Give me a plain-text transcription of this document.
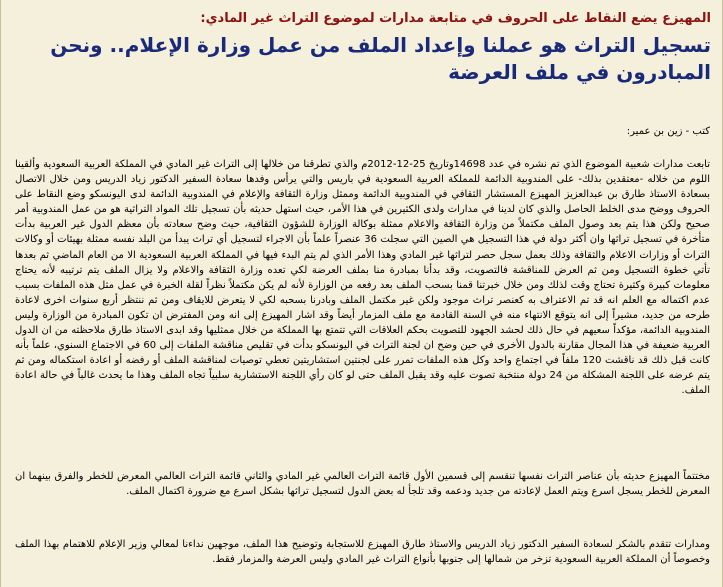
المهيزع يضع النقاط على الحروف في متابعة مدارات لموضوع التراث غير المادي:
تسجيل التراث هو عملنا وإعداد الملف من عمل وزارة الإعلام.. ونحن المبادرون في ملف العرضة
كتب - زين بن عمير:
تابعت مدارات شعبية الموضوع الذي تم نشره في عدد 14698وتاريخ 25-12-2012م والذي تطرقنا من خلالها إلى التراث غير المادي في المملكة العربية السعودية وألقينا اللوم من خلاله -معتقدين بذلك- على المندوبية الدائمة للمملكة العربية السعودية في باريس والتي يرأس وفدها سعادة السفير الدكتور زياد الدريس ومن خلال الاتصال بسعادة الاستاذ طارق بن عبدالعزيز المهيزع المستشار الثقافي في المندوبية الدائمة وممثل وزارة الثقافة والإعلام في المندوبية الدائمة لدى اليونسكو وضع النقاط على الحروف ووضح مدى الخلط الحاصل والذي كان لدينا في مدارات ولدى الكثيرين في هذا الأمر، حيث استهل حديثه بأن تسجيل تلك المواد التراثية هو من عمل المندوبية أمر صحيح ولكن هذا يتم بعد وصول الملف مكتملاً من وزارة الثقافة والاعلام ممثلة بوكالة الوزارة للشؤون الثقافية، حيث وضح سعادته بأن معظم الدول غير العربية بدأت متأخرة في تسجيل تراثها وان أكثر دولة في هذا التسجيل هي الصين التي سجلت 36 عنصراً علماً بأن الاجراء لتسجيل أي تراث يبدأ من البلد نفسه ممثلة بهيئات أو وكالات التراث أو وزارات الاعلام والثقافة وذلك بعمل سجل حصر لتراثها غير المادي وهذا الأمر الذي لم يتم البدء فيها في المملكة العربية السعودية الا من العام الماضي ثم بعدها تأتي خطوة التسجيل ومن ثم العرض للمناقشة فالتصويت، وقد بدأنا بمبادرة منا بملف العرضة لكي تعده وزارة الثقافة والاعلام ولا يزال الملف يتم ترتيبه لأنه يحتاج معلومات كبيرة وكثيرة تحتاج وقت لذلك ومن خلال خبرتنا قمنا بسحب الملف بعد رفعه من الوزارة لأنه لم يكن مكتملاً نظراً لقلة الخبرة في عمل مثل هذه الملفات بسبب عدم اكتماله مع العلم انه قد تم الاعتراف به كعنصر تراث موجود ولكن غير مكتمل الملف وبادرنا بسحبه لكي لا يتعرض للايقاف ومن ثم ننتظر أربع سنوات اخرى لاعادة طرحه من جديد، مشيراً إلى انه يتوقع الانتهاء منه في السنة القادمة مع ملف المزمار أيضاً وقد اشار المهيزع إلى انه ومن المفترض ان تكون المبادرة من الوزارة وليس المندوبية الدائمة، مؤكداً سعيهم في حال ذلك لحشد الجهود للتصويت بحكم العلاقات التي تتمتع بها المملكة من خلال ممثليها وقد ابدى الاستاذ طارق ملاحظته من ان الدول العربية ضعيفة في هذا المجال مقارنة بالدول الأخرى في حين وضح ان لجنة التراث في اليونسكو بدأت في تقليص مناقشة الملفات إلى 60 في الاجتماع السنوي، علماً بأنه كانت قبل ذلك قد ناقشت 120 ملفاً في اجتماع واحد وكل هذه الملفات تمرر على لجنتين استشاريتين تعطي توصيات لمناقشة الملف أو رفضه أو اعادة استكماله ومن ثم يتم عرضه على اللجنة المشكلة من 24 دولة منتخبة تصوت عليه وقد يقبل الملف حتى لو كان رأي اللجنة الاستشارية سلبياً تجاه الملف وهذا ما يحدث غالباً في حالة اعادة الملف.
مختتماً المهيزع حديثه بأن عناصر التراث نفسها تنقسم إلى قسمين الأول قائمة التراث العالمي غير المادي والثاني قائمة التراث العالمي المعرض للخطر والفرق بينهما ان المعرض للخطر يسجل اسرع ويتم العمل لإعادته من جديد ودعمه وقد تلجأ له بعض الدول لتسجيل تراثها بشكل اسرع مع ضرورة اكتمال الملف.
ومدارات تتقدم بالشكر لسعادة السفير الدكتور زياد الدريس والاستاذ طارق المهيزع للاستجابة وتوضيح هذا الملف، موجهين نداءنا لمعالي وزير الإعلام للاهتمام بهذا الملف وخصوصاً أن المملكة العربية السعودية تزخر من شمالها إلى جنوبها بأنواع التراث غير المادي وليس العرضة والمزمار فقط.
